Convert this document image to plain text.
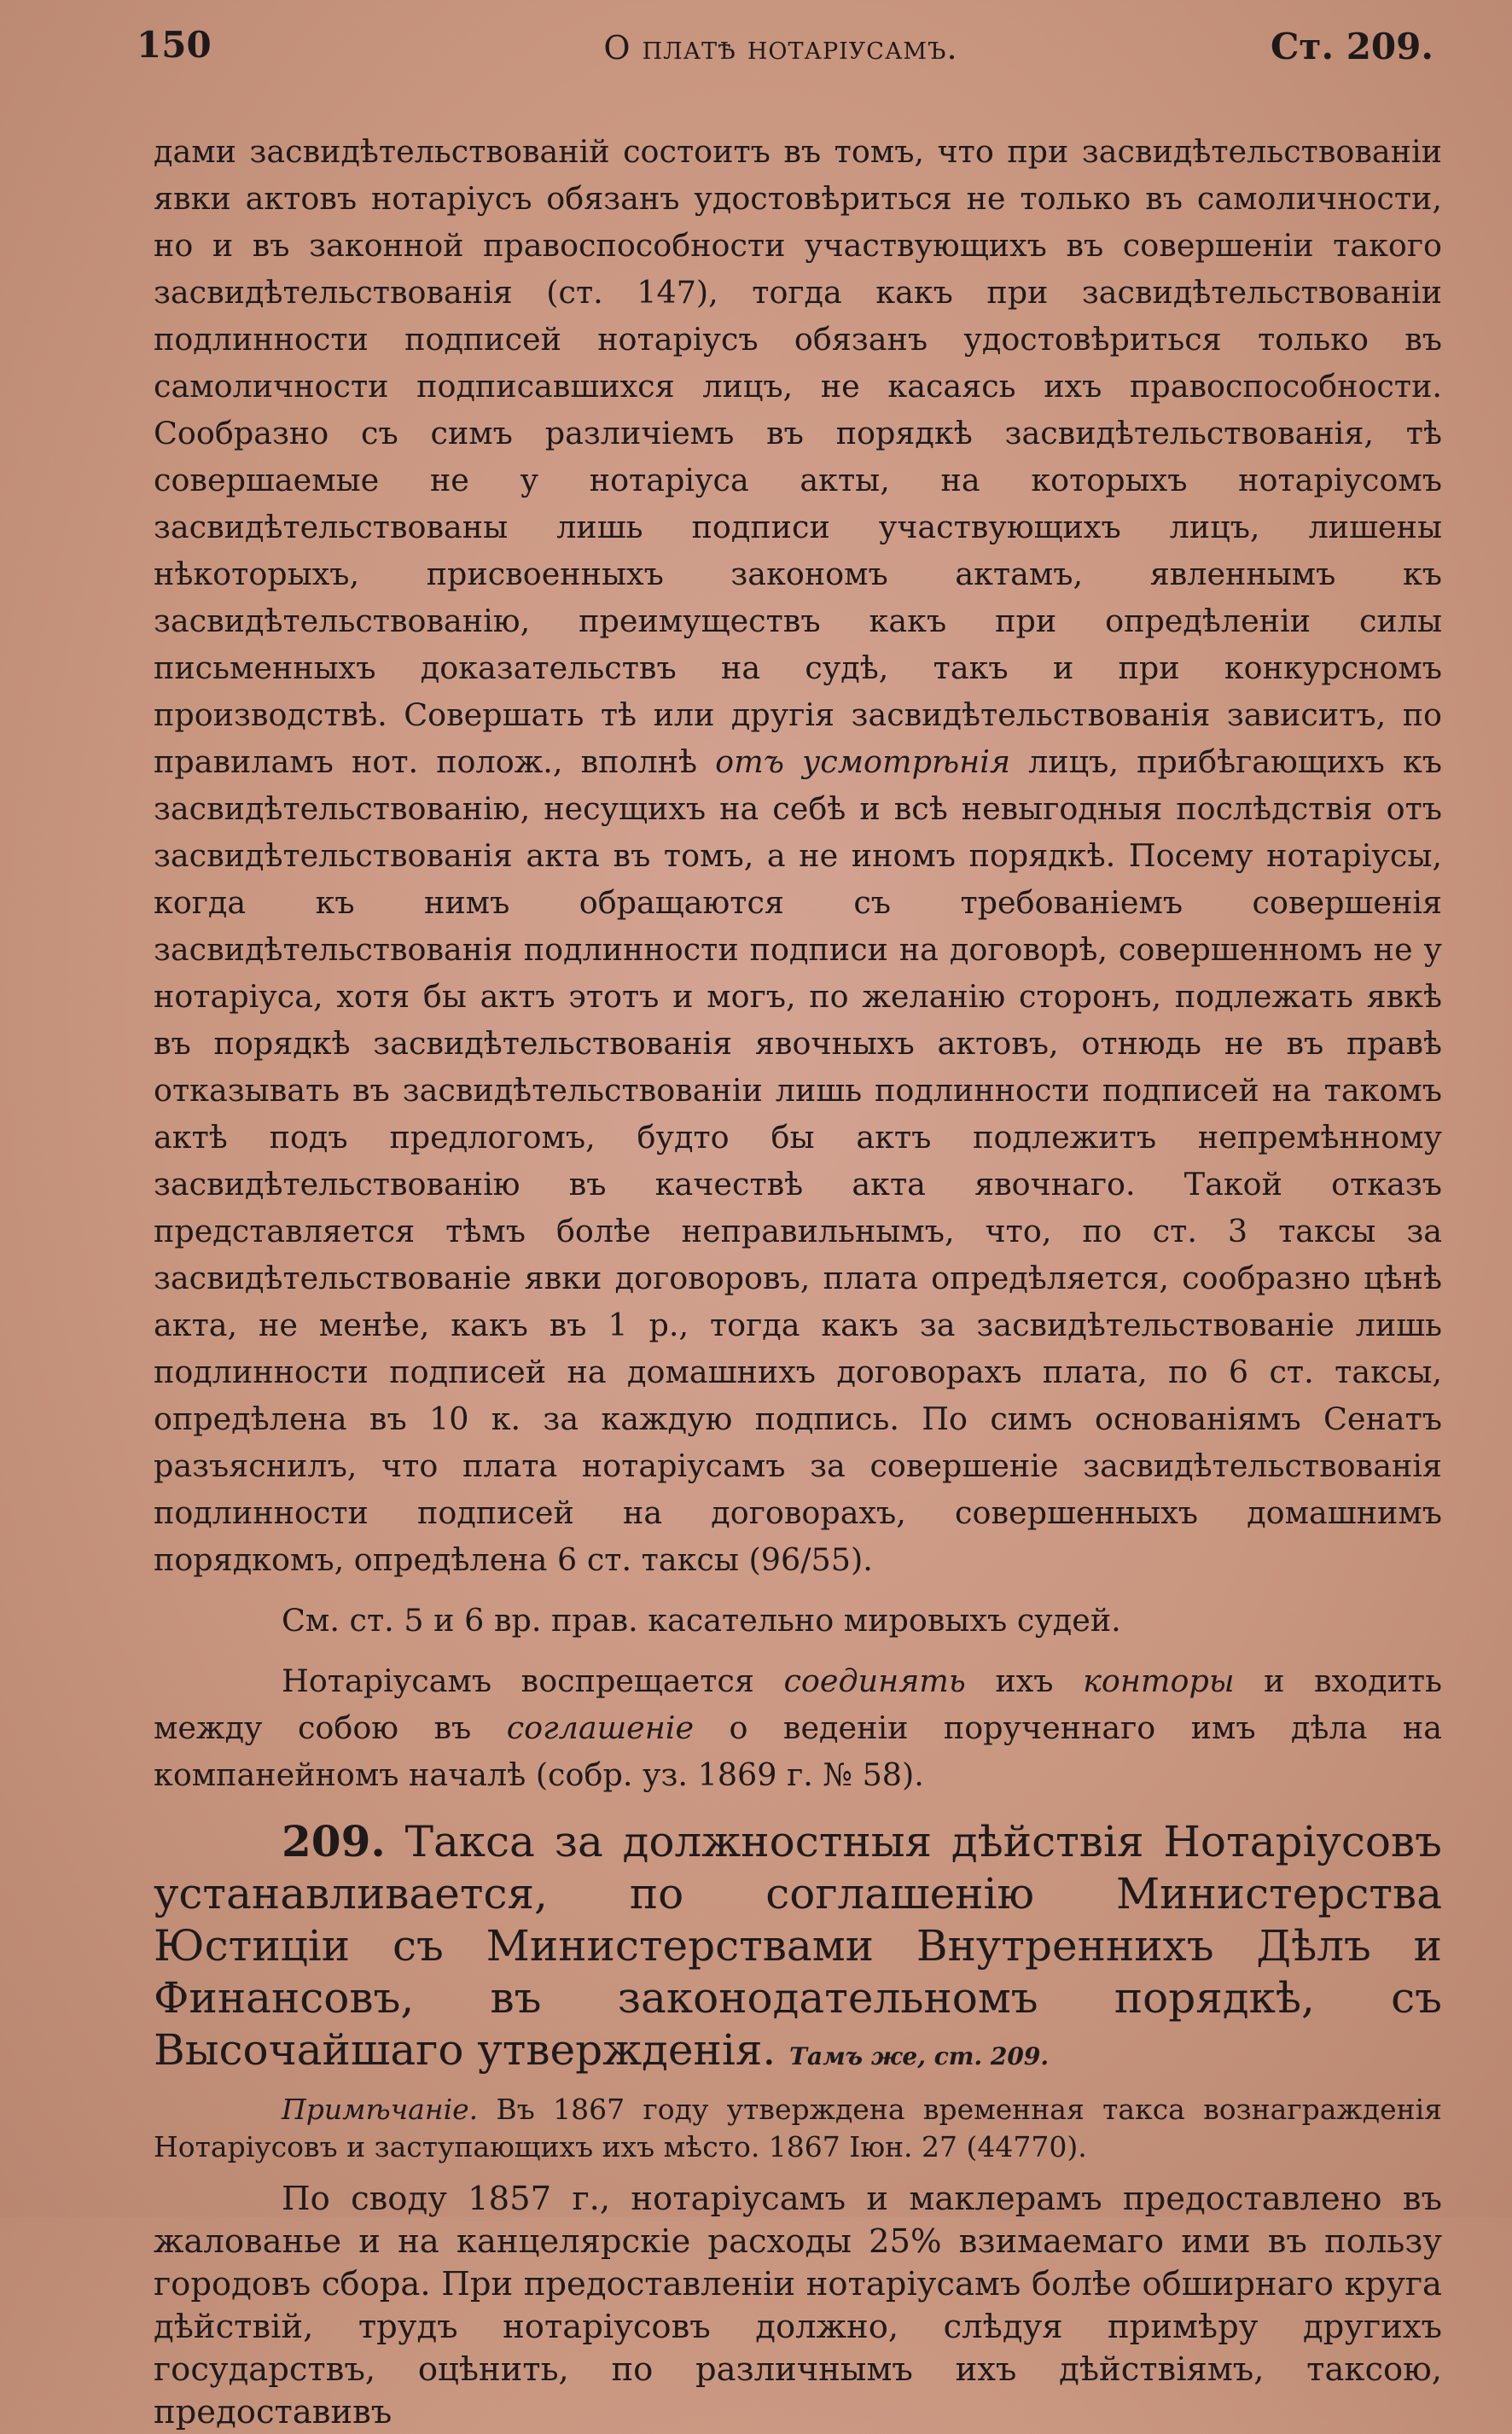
150	О платѣ нотаріусамъ.	Ст. 209.

дами засвидѣтельствованій состоитъ въ томъ, что при засвидѣтельствованіи явки актовъ нотаріусъ обязанъ удостовѣриться не только въ самоличности, но и въ законной правоспособности участвующихъ въ совершеніи такого засвидѣтельствованія (ст. 147), тогда какъ при засвидѣтельствованіи подлинности подписей нотаріусъ обязанъ удостовѣриться только въ самоличности подписавшихся лицъ, не касаясь ихъ правоспособности. Сообразно съ симъ различіемъ въ порядкѣ засвидѣтельствованія, тѣ совершаемые не у нотаріуса акты, на которыхъ нотаріусомъ засвидѣтельствованы лишь подписи участвующихъ лицъ, лишены нѣкоторыхъ, присвоенныхъ закономъ актамъ, явленнымъ къ засвидѣтельствованію, преимуществъ какъ при опредѣленіи силы письменныхъ доказательствъ на судѣ, такъ и при конкурсномъ производствѣ. Совершать тѣ или другія засвидѣтельствованія зависитъ, по правиламъ нот. полож., вполнѣ отъ усмотрѣнія лицъ, прибѣгающихъ къ засвидѣтельствованію, несущихъ на себѣ и всѣ невыгодныя послѣдствія отъ засвидѣтельствованія акта въ томъ, а не иномъ порядкѣ. Посему нотаріусы, когда къ нимъ обращаются съ требованіемъ совершенія засвидѣтельствованія подлинности подписи на договорѣ, совершенномъ не у нотаріуса, хотя бы актъ этотъ и могъ, по желанію сторонъ, подлежать явкѣ въ порядкѣ засвидѣтельствованія явочныхъ актовъ, отнюдь не въ правѣ отказывать въ засвидѣтельствованіи лишь подлинности подписей на такомъ актѣ подъ предлогомъ, будто бы актъ подлежитъ непремѣнному засвидѣтельствованію въ качествѣ акта явочнаго. Такой отказъ представляется тѣмъ болѣе неправильнымъ, что, по ст. 3 таксы за засвидѣтельствованіе явки договоровъ, плата опредѣляется, сообразно цѣнѣ акта, не менѣе, какъ въ 1 р., тогда какъ за засвидѣтельствованіе лишь подлинности подписей на домашнихъ договорахъ плата, по 6 ст. таксы, опредѣлена въ 10 к. за каждую подпись. По симъ основаніямъ Сенатъ разъяснилъ, что плата нотаріусамъ за совершеніе засвидѣтельствованія подлинности подписей на договорахъ, совершенныхъ домашнимъ порядкомъ, опредѣлена 6 ст. таксы (96/55).

См. ст. 5 и 6 вр. прав. касательно мировыхъ судей.

Нотаріусамъ воспрещается соединять ихъ конторы и входить между собою въ соглашеніе о веденіи порученнаго имъ дѣла на компанейномъ началѣ (собр. уз. 1869 г. № 58).

209. Такса за должностныя дѣйствія Нотаріусовъ устанавливается, по соглашенію Министерства Юстиціи съ Министерствами Внутреннихъ Дѣлъ и Финансовъ, въ законодательномъ порядкѣ, съ Высочайшаго утвержденія. Тамъ же, ст. 209.

Примѣчаніе. Въ 1867 году утверждена временная такса вознагражденія Нотаріусовъ и заступающихъ ихъ мѣсто. 1867 Іюн. 27 (44770).

По своду 1857 г., нотаріусамъ и маклерамъ предоставлено въ жалованье и на канцелярскіе расходы 25% взимаемаго ими въ пользу городовъ сбора. При предоставленіи нотаріусамъ болѣе обширнаго круга дѣйствій, трудъ нотаріусовъ должно, слѣдуя примѣру другихъ государствъ, оцѣнить, по различнымъ ихъ дѣйствіямъ, таксою, предоставивъ
